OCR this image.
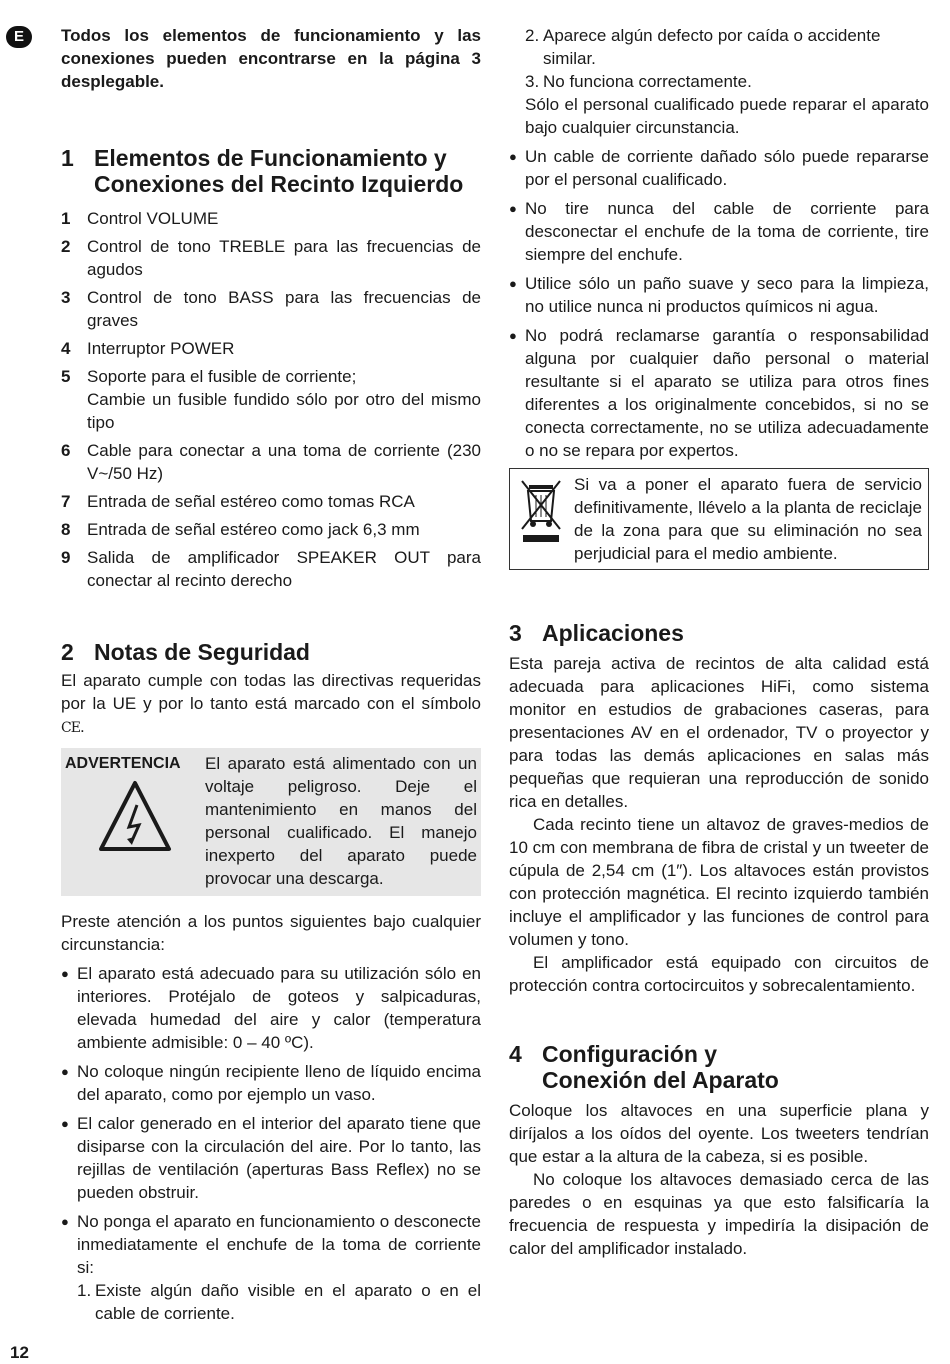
E	Todos los elementos de funcionamiento y las conexiones pueden encontrarse en la página 3 desplegable.

1 Elementos de Funcionamiento y
Conexiones del Recinto Izquierdo
1 Control VOLUME
2 Control de tono TREBLE para las frecuencias de agudos
3 Control de tono BASS para las frecuencias de graves
4 Interruptor POWER
5 Soporte para el fusible de corriente;
Cambie un fusible fundido sólo por otro del mismo tipo
6 Cable para conectar a una toma de corriente (230 V~/50 Hz)
7 Entrada de señal estéreo como tomas RCA
8 Entrada de señal estéreo como jack 6,3 mm
9 Salida de amplificador SPEAKER OUT para conectar al recinto derecho
2 Notas de Seguridad

El aparato cumple con todas las directivas requeridas por la UE y por lo tanto está marcado con el símbolo CE.

ADVERTENCIA	El aparato está alimentado con un voltaje peligroso. Deje el mantenimiento en manos del personal cualificado. El manejo inexperto del aparato puede provocar una descarga.

Preste atención a los puntos siguientes bajo cualquier circunstancia:

● El aparato está adecuado para su utilización sólo en interiores. Protéjalo de goteos y salpicaduras, elevada humedad del aire y calor (temperatura ambiente admisible: 0 – 40 ºC).
● No coloque ningún recipiente lleno de líquido encima del aparato, como por ejemplo un vaso.
● El calor generado en el interior del aparato tiene que disiparse con la circulación del aire. Por lo tanto, las rejillas de ventilación (aperturas Bass Reflex) no se pueden obstruir.
● No ponga el aparato en funcionamiento o desconecte inmediatamente el enchufe de la toma de corriente si:
1. Existe algún daño visible en el aparato o en el cable de corriente.
2. Aparece algún defecto por caída o accidente similar.
3. No funciona correctamente.

Sólo el personal cualificado puede reparar el aparato bajo cualquier circunstancia.

● Un cable de corriente dañado sólo puede repararse por el personal cualificado.
● No tire nunca del cable de corriente para desconectar el enchufe de la toma de corriente, tire siempre del enchufe.
● Utilice sólo un paño suave y seco para la limpieza, no utilice nunca ni productos químicos ni agua.
● No podrá reclamarse garantía o responsabilidad alguna por cualquier daño personal o material resultante si el aparato se utiliza para otros fines diferentes a los originalmente concebidos, si no se conecta correctamente, no se utiliza adecuadamente o no se repara por expertos.
Si va a poner el aparato fuera de servicio definitivamente, llévelo a la planta de reciclaje de la zona para que su eliminación no sea perjudicial para el medio ambiente.
3 Aplicaciones

Esta pareja activa de recintos de alta calidad está adecuada para aplicaciones HiFi, como sistema monitor en estudios de grabaciones caseras, para presentaciones AV en el ordenador, TV o proyector y para todas las demás aplicaciones en salas más pequeñas que requieran una reproducción de sonido rica en detalles.

Cada recinto tiene un altavoz de graves-medios de 10 cm con membrana de fibra de cristal y un tweeter de cúpula de 2,54 cm (1″). Los altavoces están provistos con protección magnética. El recinto izquierdo también incluye el amplificador y las funciones de control para volumen y tono.

El amplificador está equipado con circuitos de protección contra cortocircuitos y sobrecalentamiento.

4 Configuración y
Conexión del Aparato

Coloque los altavoces en una superficie plana y diríjalos a los oídos del oyente. Los tweeters tendrían que estar a la altura de la cabeza, si es posible.

No coloque los altavoces demasiado cerca de las paredes o en esquinas ya que esto falsificaría la frecuencia de respuesta y impediría la disipación de calor del amplificador instalado.

12
